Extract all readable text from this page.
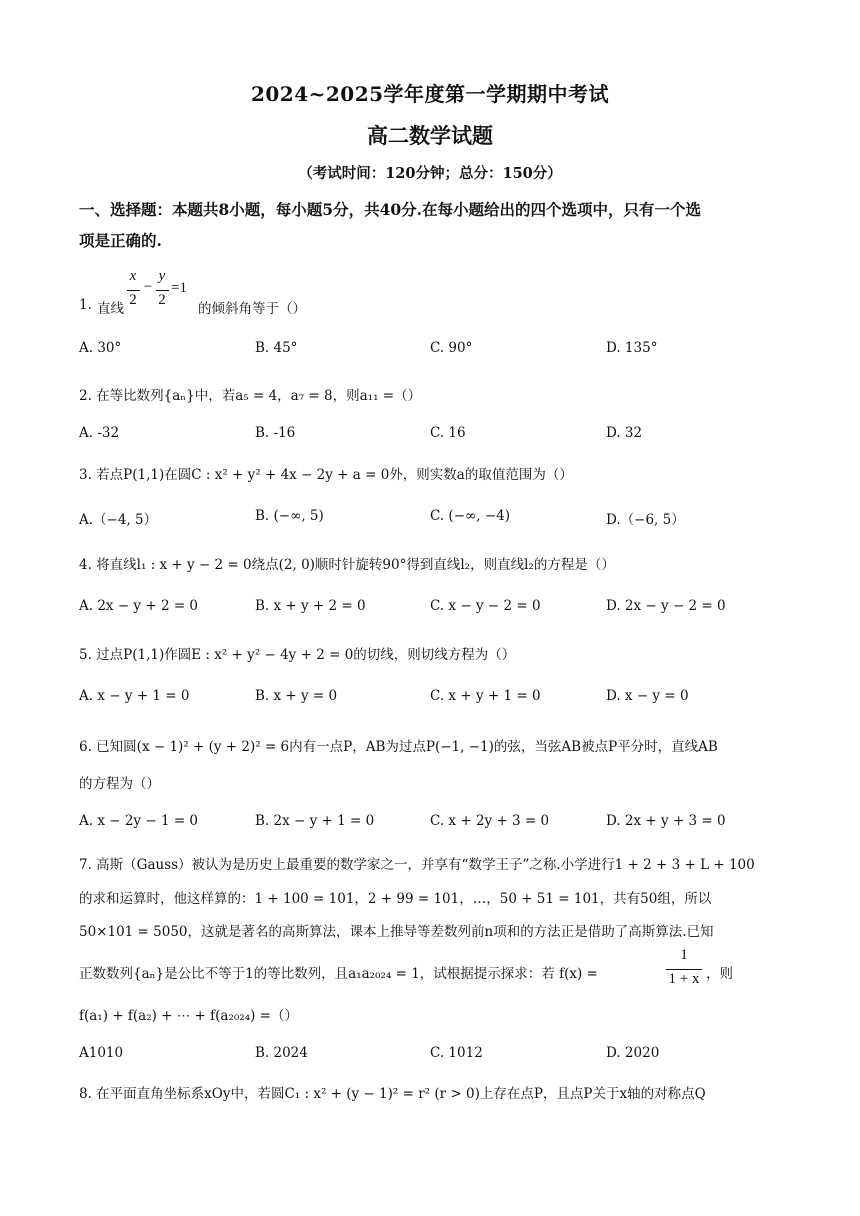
2024~2025学年度第一学期期中考试
高二数学试题
（考试时间：120分钟；总分：150分）
一、选择题：本题共8小题，每小题5分，共40分.在每小题给出的四个选项中，只有一个选
项是正确的.
x
2
−
y
2
=1
1. 直线	的倾斜角等于（）
A. 30°	B. 45°	C. 90°	D. 135°
2. 在等比数列{aₙ}中，若a₅ = 4，a₇ = 8，则a₁₁ =（）
A. -32	B. -16	C. 16	D. 32
3. 若点P(1,1)在圆C : x² + y² + 4x − 2y + a = 0外，则实数a的取值范围为（）
A.（−4, 5）	B. (−∞, 5)	C. (−∞, −4)	D.（−6, 5）
4. 将直线l₁ : x + y − 2 = 0绕点(2, 0)顺时针旋转90°得到直线l₂，则直线l₂的方程是（）
A. 2x − y + 2 = 0	B. x + y + 2 = 0	C. x − y − 2 = 0	D. 2x − y − 2 = 0
5. 过点P(1,1)作圆E : x² + y² − 4y + 2 = 0的切线，则切线方程为（）
A. x − y + 1 = 0	B. x + y = 0	C. x + y + 1 = 0	D. x − y = 0
6. 已知圆(x − 1)² + (y + 2)² = 6内有一点P，AB为过点P(−1, −1)的弦，当弦AB被点P平分时，直线AB
的方程为（）
A. x − 2y − 1 = 0	B. 2x − y + 1 = 0	C. x + 2y + 3 = 0	D. 2x + y + 3 = 0
7. 高斯（Gauss）被认为是历史上最重要的数学家之一，并享有“数学王子”之称.小学进行1 + 2 + 3 + L + 100
的求和运算时，他这样算的：1 + 100 = 101，2 + 99 = 101，…，50 + 51 = 101，共有50组，所以
50×101 = 5050，这就是著名的高斯算法，课本上推导等差数列前n项和的方法正是借助了高斯算法.已知
正数数列{aₙ}是公比不等于1的等比数列，且a₁a₂₀₂₄ = 1，试根据提示探求：若 f(x) =
1
1 + x ，则
f(a₁) + f(a₂) + ⋯ + f(a₂₀₂₄) =（）
A1010	B. 2024	C. 1012	D. 2020
8. 在平面直角坐标系xOy中，若圆C₁ : x² + (y − 1)² = r² (r > 0)上存在点P，且点P关于x轴的对称点Q
